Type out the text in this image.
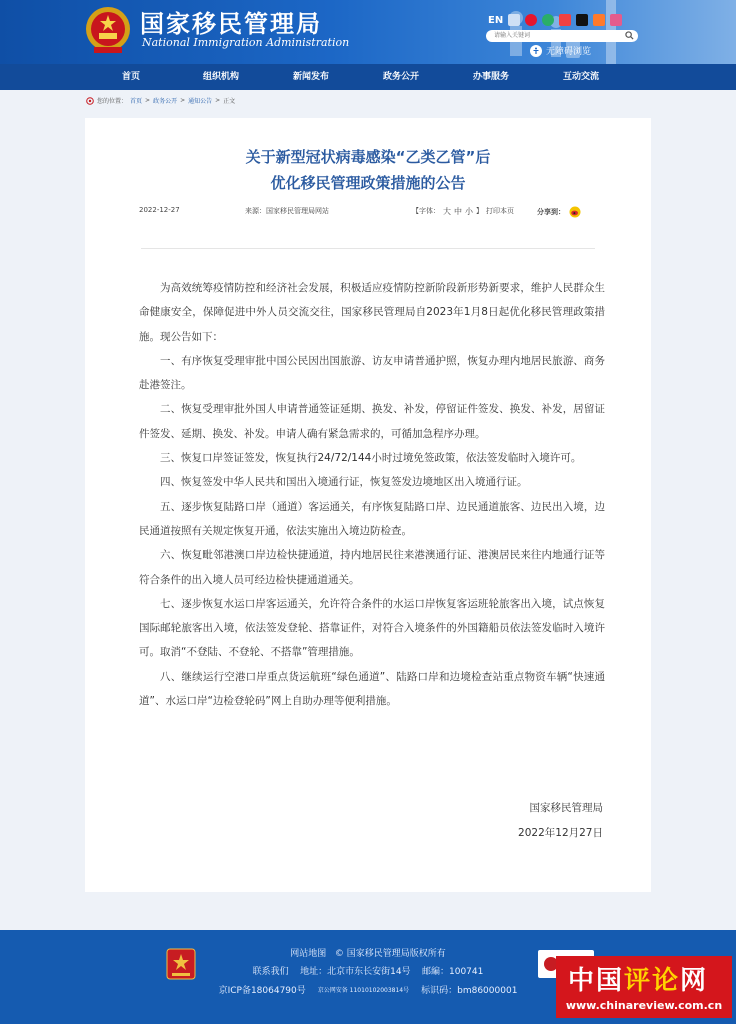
国家移民管理局
National Immigration Administration
EN
请输入关键词
无障碍浏览
首页	组织机构	新闻发布	政务公开	办事服务	互动交流
您的位置： 首页 > 政务公开 > 通知公告 > 正文
关于新型冠状病毒感染“乙类乙管”后
优化移民管理政策措施的公告
2022-12-27	来源：国家移民管理局网站	【字体： 大 中 小 】 打印本页	分享到：

为高效统筹疫情防控和经济社会发展，积极适应疫情防控新阶段新形势新要求，维护人民群众生命健康安全，保障促进中外人员交流交往，国家移民管理局自2023年1月8日起优化移民管理政策措施。现公告如下：

一、有序恢复受理审批中国公民因出国旅游、访友申请普通护照，恢复办理内地居民旅游、商务赴港签注。

二、恢复受理审批外国人申请普通签证延期、换发、补发，停留证件签发、换发、补发，居留证件签发、延期、换发、补发。申请人确有紧急需求的，可循加急程序办理。

三、恢复口岸签证签发，恢复执行24/72/144小时过境免签政策，依法签发临时入境许可。

四、恢复签发中华人民共和国出入境通行证，恢复签发边境地区出入境通行证。

五、逐步恢复陆路口岸（通道）客运通关，有序恢复陆路口岸、边民通道旅客、边民出入境，边民通道按照有关规定恢复开通，依法实施出入境边防检查。

六、恢复毗邻港澳口岸边检快捷通道，持内地居民往来港澳通行证、港澳居民来往内地通行证等符合条件的出入境人员可经边检快捷通道通关。

七、逐步恢复水运口岸客运通关，允许符合条件的水运口岸恢复客运班轮旅客出入境，试点恢复国际邮轮旅客出入境，依法签发登轮、搭靠证件，对符合入境条件的外国籍船员依法签发临时入境许可。取消“不登陆、不登轮、不搭靠”管理措施。

八、继续运行空港口岸重点货运航班“绿色通道”、陆路口岸和边境检查站重点物资车辆“快速通道”、水运口岸“边检登轮码”网上自助办理等便利措施。

国家移民管理局
2022年12月27日
网站地图 © 国家移民管理局版权所有
联系我们 地址：北京市东长安街14号 邮編：100741
京ICP备18064790号 京公网安备 11010102003814号 标识码：bm86000001 中国评论网
www.chinareview.com.cn
